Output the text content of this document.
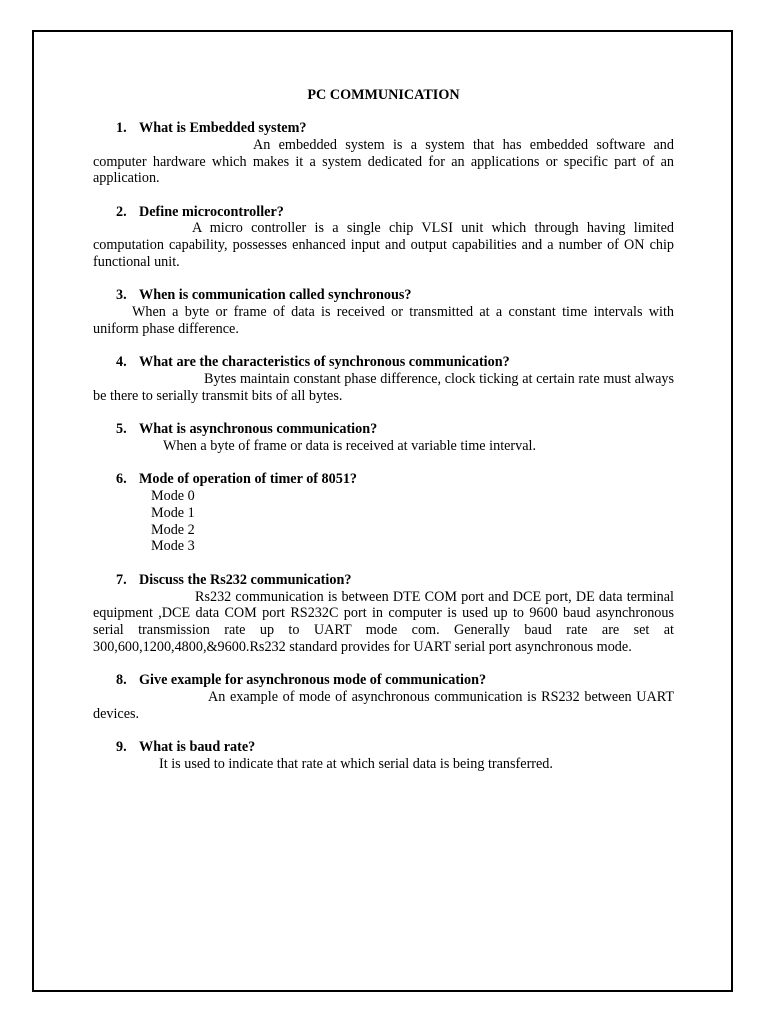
PC COMMUNICATION
1. What is Embedded system?
An embedded system is a system that has embedded software and computer hardware which makes it a system dedicated for an applications or specific part of an application.
2. Define microcontroller?
A micro controller is a single chip VLSI unit which through having limited computation capability, possesses enhanced input and output capabilities and a number of ON chip functional unit.
3. When is communication called synchronous?
When a byte or frame of data is received or transmitted at a constant time intervals with uniform phase difference.
4. What are the characteristics of synchronous communication?
Bytes maintain constant phase difference, clock ticking at certain rate must always be there to serially transmit bits of all bytes.
5. What is asynchronous communication?
When a byte of frame or data is received at variable time interval.
6. Mode of operation of timer of 8051?
Mode 0
Mode 1
Mode 2
Mode 3
7. Discuss the Rs232 communication?
Rs232 communication is between DTE COM port and DCE port, DE data terminal equipment ,DCE data COM port RS232C port in computer is used up to 9600 baud asynchronous serial transmission rate up to UART mode com. Generally baud rate are set at 300,600,1200,4800,&9600.Rs232 standard provides for UART serial port asynchronous mode.
8. Give example for asynchronous mode of communication?
An example of mode of asynchronous communication is RS232 between UART devices.
9. What is baud rate?
It is used to indicate that rate at which serial data is being transferred.
